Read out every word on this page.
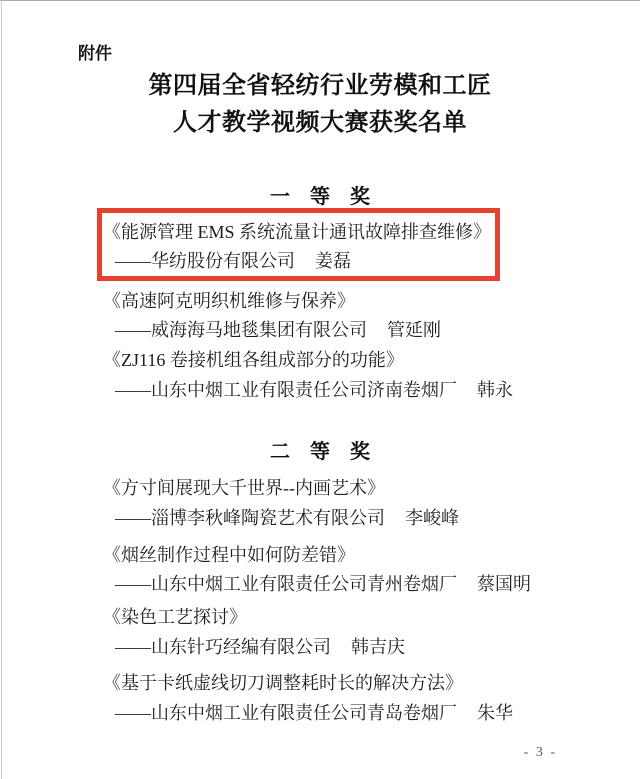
附件
第四届全省轻纺行业劳模和工匠
人才教学视频大赛获奖名单
一　等　奖
《能源管理 EMS 系统流量计通讯故障排查维修》
——华纺股份有限公司 姜磊
《高速阿克明织机维修与保养》
——威海海马地毯集团有限公司 管延刚
《ZJ116 卷接机组各组成部分的功能》
——山东中烟工业有限责任公司济南卷烟厂 韩永
二　等　奖
《方寸间展现大千世界--内画艺术》
——淄博李秋峰陶瓷艺术有限公司 李峻峰
《烟丝制作过程中如何防差错》
——山东中烟工业有限责任公司青州卷烟厂 蔡国明
《染色工艺探讨》
——山东针巧经编有限公司 韩吉庆
《基于卡纸虚线切刀调整耗时长的解决方法》
——山东中烟工业有限责任公司青岛卷烟厂 朱华
- 3 -
